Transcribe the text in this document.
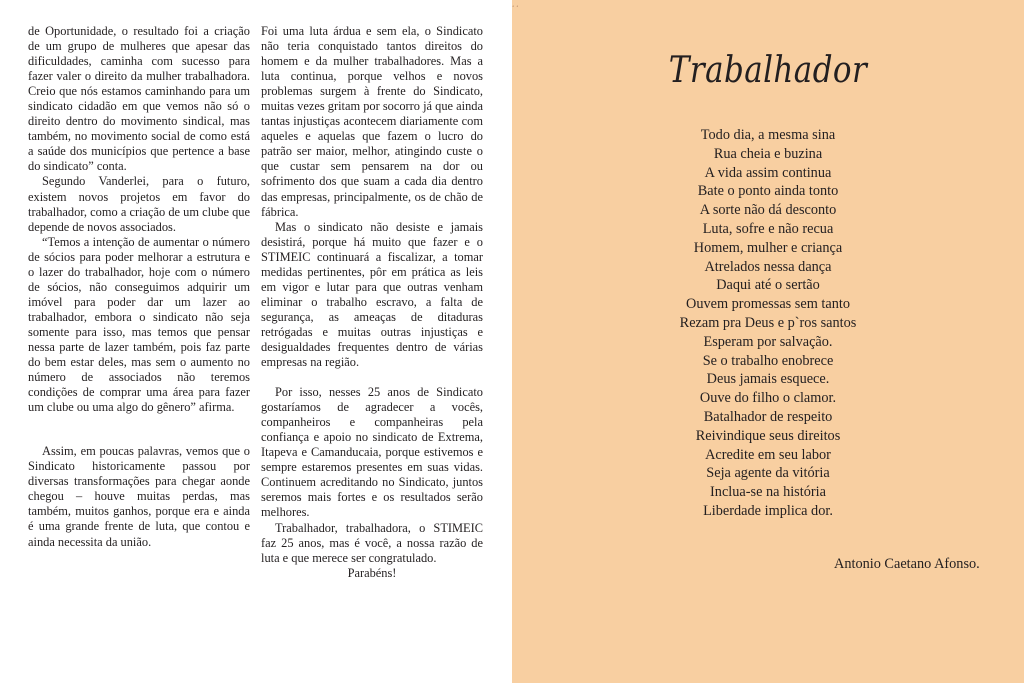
de Oportunidade, o resultado foi a criação de um grupo de mulheres que apesar das dificuldades, caminha com sucesso para fazer valer o direito da mulher trabalhadora. Creio que nós estamos caminhando para um sindicato cidadão em que vemos não só o direito dentro do movimento sindical, mas também, no movimento social de como está a saúde dos municípios que pertence a base do sindicato” conta.

Segundo Vanderlei, para o futuro, existem novos projetos em favor do trabalhador, como a criação de um clube que depende de novos associados.

“Temos a intenção de aumentar o número de sócios para poder melhorar a estrutura e o lazer do trabalhador, hoje com o número de sócios, não conseguimos adquirir um imóvel para poder dar um lazer ao trabalhador, embora o sindicato não seja somente para isso, mas temos que pensar nessa parte de lazer também, pois faz parte do bem estar deles, mas sem o aumento no número de associados não teremos condições de comprar uma área para fazer um clube ou uma algo do gênero” afirma.

Assim, em poucas palavras, vemos que o Sindicato historicamente passou por diversas transformações para chegar aonde chegou – houve muitas perdas, mas também, muitos ganhos, porque era e ainda é uma grande frente de luta, que contou e ainda necessita da união.

Foi uma luta árdua e sem ela, o Sindicato não teria conquistado tantos direitos do homem e da mulher trabalhadores. Mas a luta continua, porque velhos e novos problemas surgem à frente do Sindicato, muitas vezes gritam por socorro já que ainda tantas injustiças acontecem diariamente com aqueles e aquelas que fazem o lucro do patrão ser maior, melhor, atingindo custe o que custar sem pensarem na dor ou sofrimento dos que suam a cada dia dentro das empresas, principalmente, os de chão de fábrica.

Mas o sindicato não desiste e jamais desistirá, porque há muito que fazer e o STIMEIC continuará a fiscalizar, a tomar medidas pertinentes, pôr em prática as leis em vigor e lutar para que outras venham eliminar o trabalho escravo, a falta de segurança, as ameaças de ditaduras retrógadas e muitas outras injustiças e desigualdades frequentes dentro de várias empresas na região.

Por isso, nesses 25 anos de Sindicato gostaríamos de agradecer a vocês, companheiros e companheiras pela confiança e apoio no sindicato de Extrema, Itapeva e Camanducaia, porque estivemos e sempre estaremos presentes em suas vidas. Continuem acreditando no Sindicato, juntos seremos mais fortes e os resultados serão melhores.

Trabalhador, trabalhadora, o STIMEIC faz 25 anos, mas é você, a nossa razão de luta e que merece ser congratulado.

Parabéns!

Trabalhador
Todo dia, a mesma sina
Rua cheia e buzina
A vida assim continua
Bate o ponto ainda tonto
A sorte não dá desconto
Luta, sofre e não recua
Homem, mulher e criança
Atrelados nessa dança
Daqui até o sertão
Ouvem promessas sem tanto
Rezam pra Deus e p`ros santos
Esperam por salvação.
Se o trabalho enobrece
Deus jamais esquece.
Ouve do filho o clamor.
Batalhador de respeito
Reivindique seus direitos
Acredite em seu labor
Seja agente da vitória
Inclua-se na história
Liberdade implica dor.
Antonio Caetano Afonso.
‘ ‘
